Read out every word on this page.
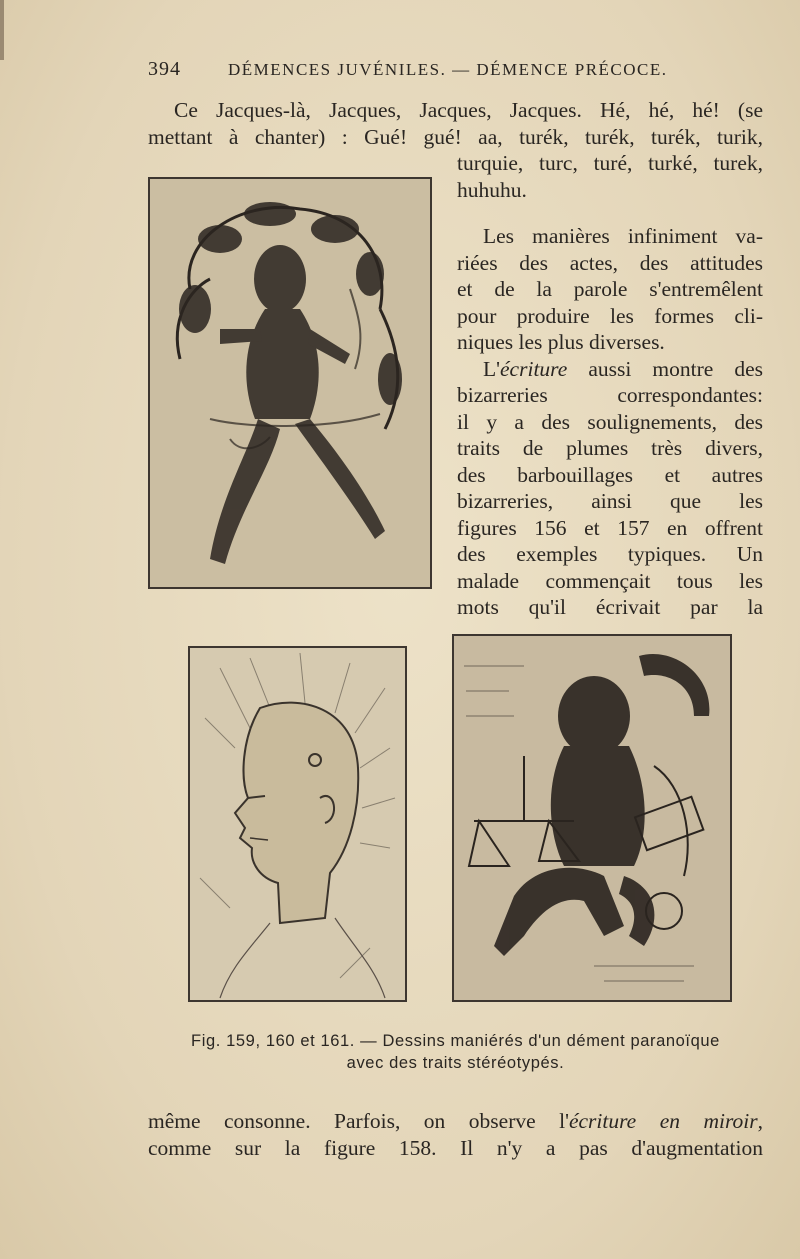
394	DÉMENCES JUVÉNILES. — DÉMENCE PRÉCOCE.
Ce Jacques-là, Jacques, Jacques, Jacques. Hé, hé, hé! (se
mettant à chanter) : Gué! gué! aa, turék, turék, turék, turik,
turquie, turc, turé, turké, turek,
huhuhu.
Les manières infiniment va-
riées des actes, des attitudes
et de la parole s'entremêlent
pour produire les formes cli-
niques les plus diverses.
L'écriture aussi montre des
bizarreries correspondantes:
il y a des soulignements, des
traits de plumes très divers,
des barbouillages et autres
bizarreries, ainsi que les
figures 156 et 157 en offrent
des exemples typiques. Un
malade commençait tous les
mots qu'il écrivait par la
Fig. 159, 160 et 161. — Dessins maniérés d'un dément paranoïque
avec des traits stéréotypés.
même consonne. Parfois, on observe l'écriture en miroir,
comme sur la figure 158. Il n'y a pas d'augmentation
